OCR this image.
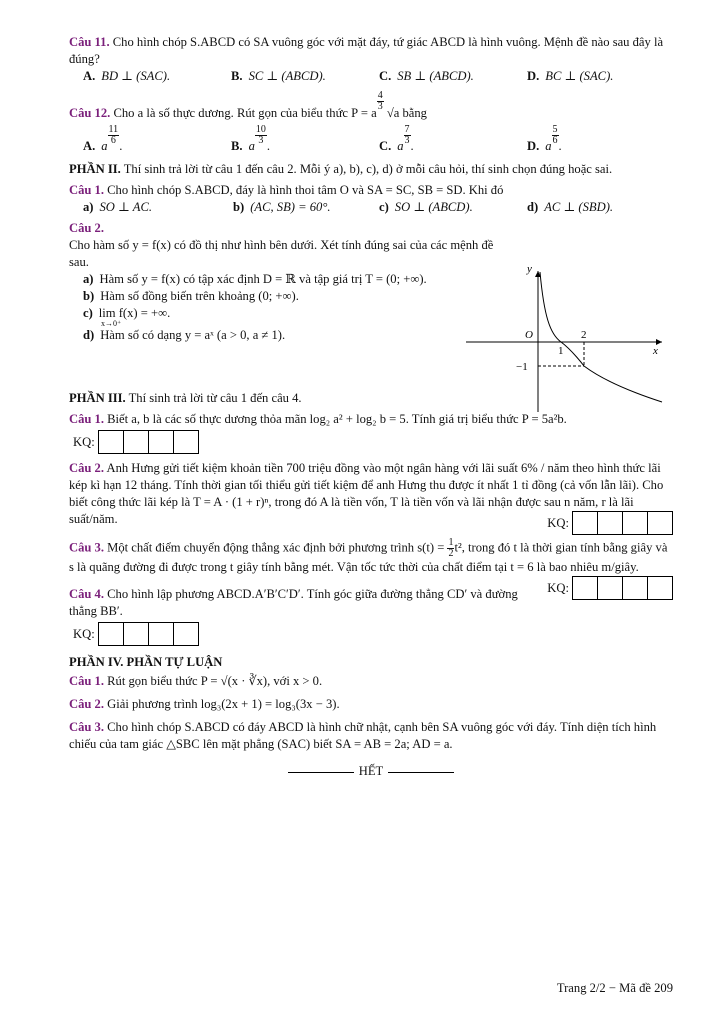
Câu 11. Cho hình chóp S.ABCD có SA vuông góc với mặt đáy, tứ giác ABCD là hình vuông. Mệnh đề nào sau đây là đúng?
A. BD ⊥ (SAC).	B. SC ⊥ (ABCD).	C. SB ⊥ (ABCD).	D. BC ⊥ (SAC).
Câu 12. Cho a là số thực dương. Rút gọn của biểu thức P = a
$\frac{4}{3}$
√a bằng
A. a $\frac{11}{6}$ .	B. a $\frac{10}{3}$ .	C. a $\frac{7}{3}$ .	D. a $\frac{5}{6}$ .
PHẦN II. Thí sinh trả lời từ câu 1 đến câu 2. Mỗi ý a), b), c), d) ở mỗi câu hỏi, thí sinh chọn đúng hoặc sai.
Câu 1. Cho hình chóp S.ABCD, đáy là hình thoi tâm O và SA = SC, SB = SD. Khi đó
a) SO ⊥ AC.	b) (AC, SB) = 60°.	c) SO ⊥ (ABCD).	d) AC ⊥ (SBD).
Câu 2.
Cho hàm số y = f(x) có đồ thị như hình bên dưới. Xét tính đúng sai của các mệnh đề sau.
a) Hàm số y = f(x) có tập xác định D = ℝ và tập giá trị T = (0; +∞).
b) Hàm số đồng biến trên khoảng (0; +∞).
c) lim f(x) = +∞.
$^{x\to 0^+}$
d) Hàm số có dạng y = aˣ (a > 0, a ≠ 1).
PHẦN III. Thí sinh trả lời từ câu 1 đến câu 4.
Câu 1. Biết a, b là các số thực dương thỏa mãn log₂ a² + log₂ b = 5. Tính giá trị biểu thức P = 5a²b.
KQ:
Câu 2. Anh Hưng gửi tiết kiệm khoản tiền 700 triệu đồng vào một ngân hàng với lãi suất 6% / năm theo hình thức lãi kép kì hạn 12 tháng. Tính thời gian tối thiểu gửi tiết kiệm để anh Hưng thu được ít nhất 1 tỉ đồng (cả vốn lẫn lãi). Cho biết công thức lãi kép là T = A · (1 + r)ⁿ, trong đó A là tiền vốn, T là tiền vốn và lãi nhận được sau n năm, r là lãi suất/năm.	KQ:
Câu 3. Một chất điểm chuyển động thẳng xác định bởi phương trình $s(t) = \frac{1}{2} t^2$, trong đó t là thời gian tính bằng giây và s là quãng đường đi được trong t giây tính bằng mét. Vận tốc tức thời của chất điểm tại t = 6 là bao nhiêu m/giây.
KQ:
Câu 4. Cho hình lập phương ABCD.A′B′C′D′. Tính góc giữa đường thẳng CD′ và đường thẳng BB′.
KQ:
PHẦN IV. PHẦN TỰ LUẬN
Câu 1. Rút gọn biểu thức P = √(x · ∛x), với x > 0.
Câu 2. Giải phương trình log₃(2x + 1) = log₃(3x − 3).
Câu 3. Cho hình chóp S.ABCD có đáy ABCD là hình chữ nhật, cạnh bên SA vuông góc với đáy. Tính diện tích hình chiếu của tam giác △SBC lên mặt phẳng (SAC) biết SA = AB = 2a; AD = a.
HẾT
y
x
O	2
1
−1
Trang 2/2 − Mã đề 209
